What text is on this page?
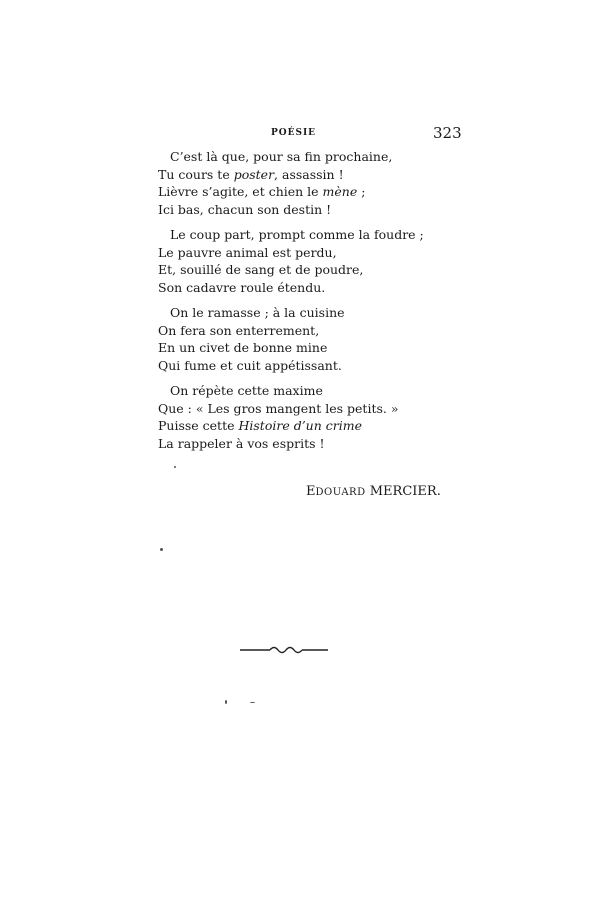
POÉSIE	323
C’est là que, pour sa fin prochaine,
Tu cours te poster, assassin !
Lièvre s’agite, et chien le mène ;
Ici bas, chacun son destin !
Le coup part, prompt comme la foudre ;
Le pauvre animal est perdu,
Et, souillé de sang et de poudre,
Son cadavre roule étendu.
On le ramasse ; à la cuisine
On fera son enterrement,
En un civet de bonne mine
Qui fume et cuit appétissant.
On répète cette maxime
Que : « Les gros mangent les petits. »
Puisse cette Histoire d’un crime
La rappeler à vos esprits !
EDOUARD MERCIER.
